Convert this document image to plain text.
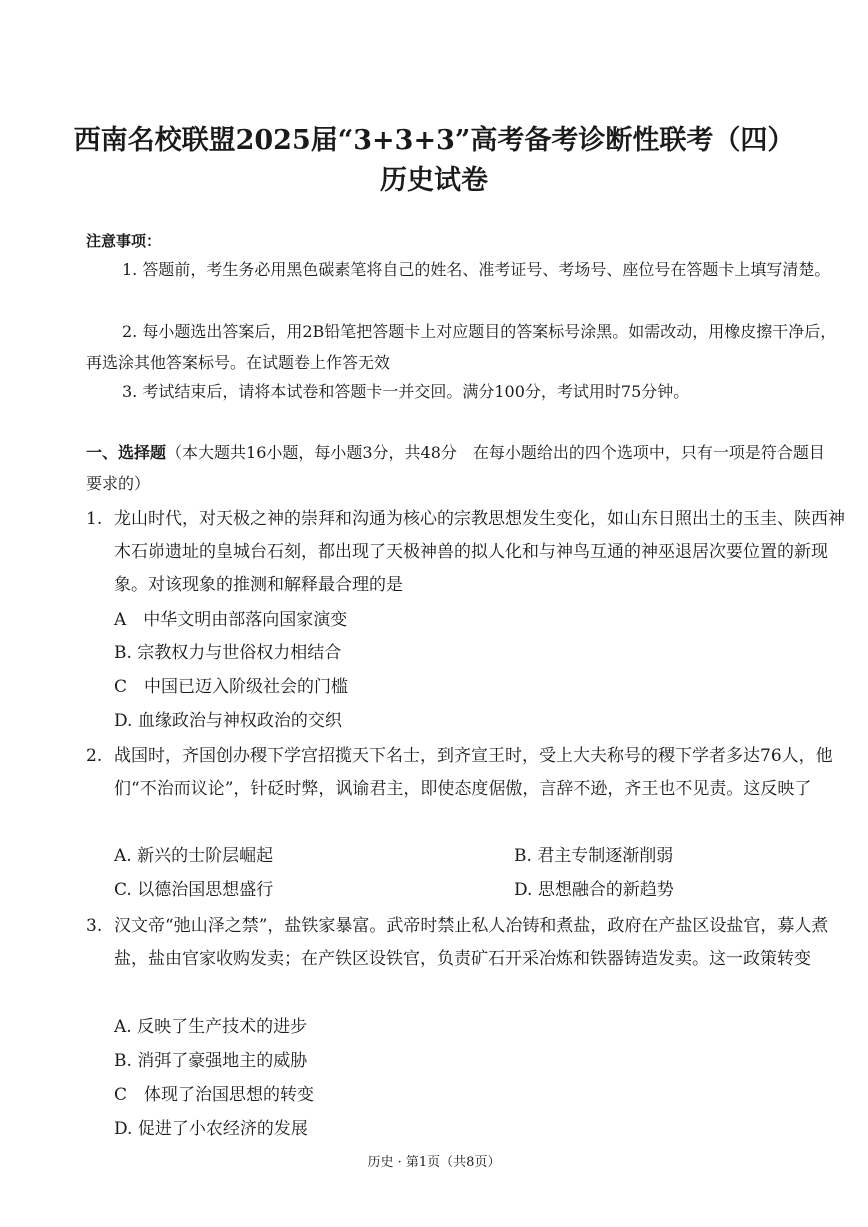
西南名校联盟2025届“3+3+3”高考备考诊断性联考（四）
历史试卷
注意事项：
1. 答题前，考生务必用黑色碳素笔将自己的姓名、准考证号、考场号、座位号在答题卡上填写清楚。
2. 每小题选出答案后，用2B铅笔把答题卡上对应题目的答案标号涂黑。如需改动，用橡皮擦干净后，再选涂其他答案标号。在试题卷上作答无效
3. 考试结束后，请将本试卷和答题卡一并交回。满分100分，考试用时75分钟。
一、选择题（本大题共16小题，每小题3分，共48分　在每小题给出的四个选项中，只有一项是符合题目要求的）
1. 龙山时代，对天极之神的崇拜和沟通为核心的宗教思想发生变化，如山东日照出土的玉圭、陕西神木石峁遗址的皇城台石刻，都出现了天极神兽的拟人化和与神鸟互通的神巫退居次要位置的新现象。对该现象的推测和解释最合理的是
A　中华文明由部落向国家演变
B. 宗教权力与世俗权力相结合
C　中国已迈入阶级社会的门槛
D. 血缘政治与神权政治的交织
2. 战国时，齐国创办稷下学宫招揽天下名士，到齐宣王时，受上大夫称号的稷下学者多达76人，他们“不治而议论”，针砭时弊，讽谕君主，即使态度倨傲，言辞不逊，齐王也不见责。这反映了
A. 新兴的士阶层崛起	B. 君主专制逐渐削弱
C. 以德治国思想盛行	D. 思想融合的新趋势
3. 汉文帝“弛山泽之禁”，盐铁家暴富。武帝时禁止私人冶铸和煮盐，政府在产盐区设盐官，募人煮盐，盐由官家收购发卖；在产铁区设铁官，负责矿石开采冶炼和铁器铸造发卖。这一政策转变
A. 反映了生产技术的进步
B. 消弭了豪强地主的威胁
C　体现了治国思想的转变
D. 促进了小农经济的发展
历史 · 第1页（共8页）
